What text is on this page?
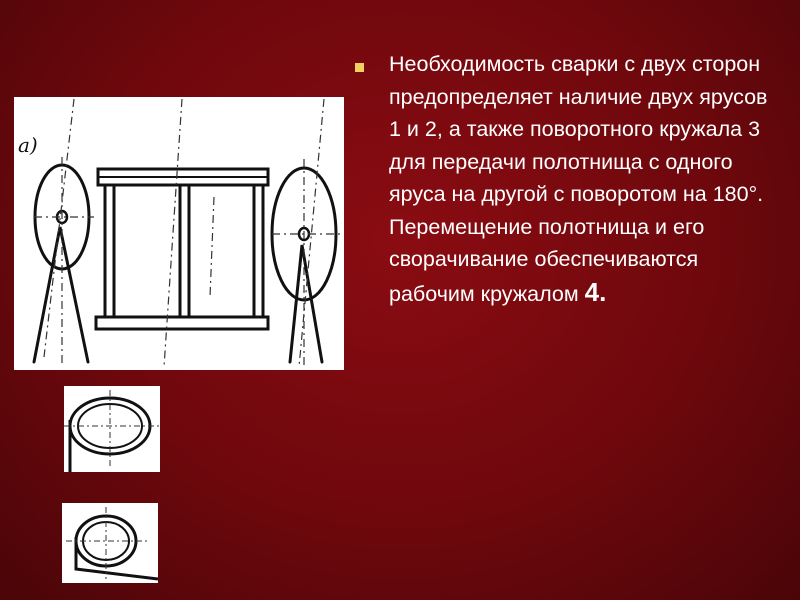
a)

Необходимость сварки с двух сторон предопределяет наличие двух ярусов 1 и 2, а также поворотного кружала 3 для передачи полотнища с одного яруса на другой с поворотом на 180°. Перемещение полотнища и его сворачивание обеспечиваются рабочим кружалом 4.
